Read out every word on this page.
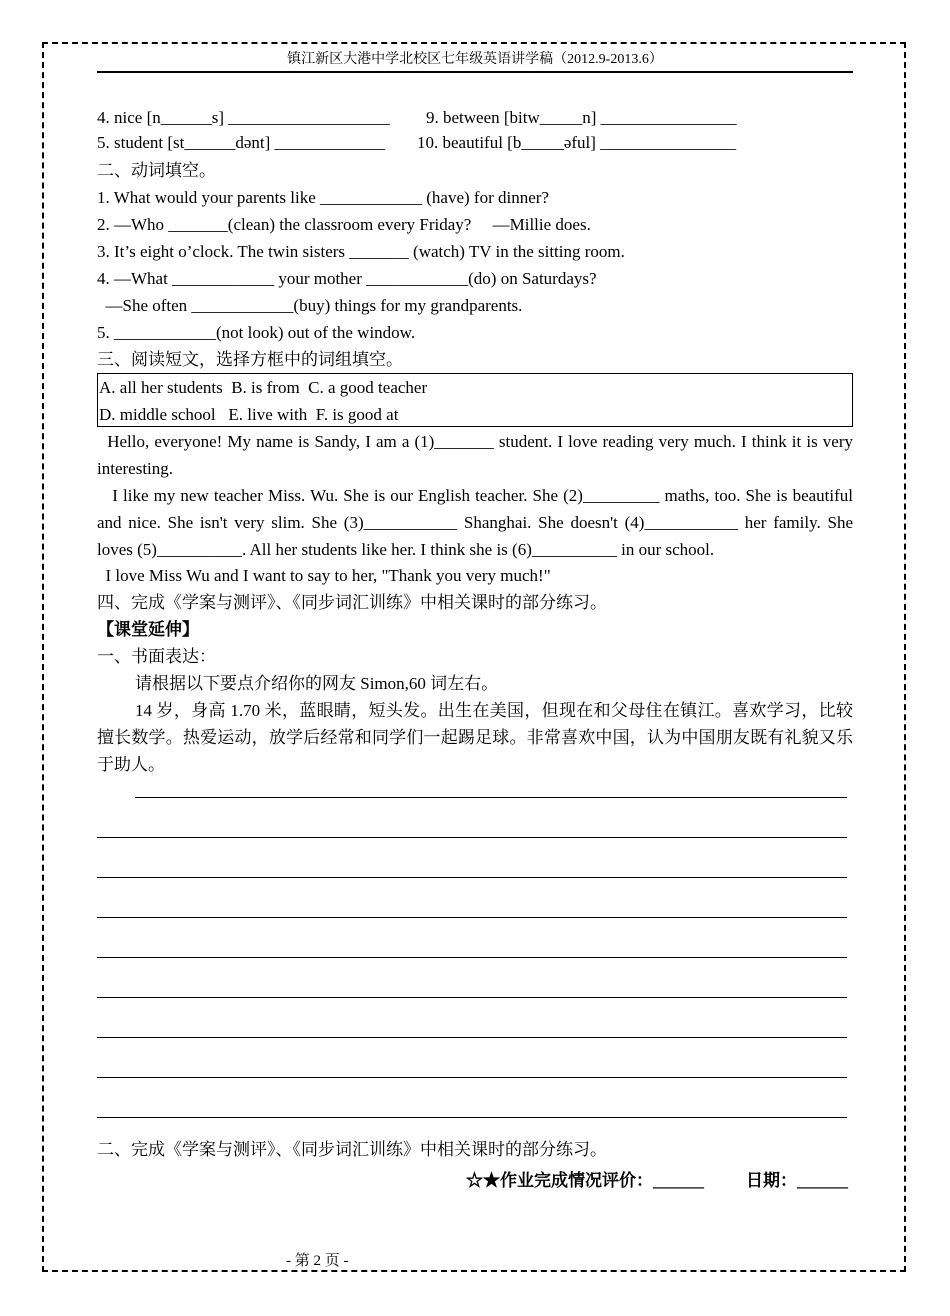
镇江新区大港中学北校区七年级英语讲学稿（2012.9-2013.6）
4. nice [n______s] ___________________ 9. between [bitw_____n] ________________
5. student [st______dənt] _____________ 10. beautiful [b_____əful] ________________
二、动词填空。
1. What would your parents like ____________ (have) for dinner?
2. —Who _______(clean) the classroom every Friday?     —Millie does.
3. It’s eight o’clock. The twin sisters _______ (watch) TV in the sitting room.
4. —What ____________ your mother ____________(do) on Saturdays?
—She often ____________(buy) things for my grandparents.
5. ____________(not look) out of the window.
三、阅读短文，选择方框中的词组填空。
A. all her students  B. is from  C. a good teacher
D. middle school   E. live with  F. is good at
Hello, everyone! My name is Sandy, I am a (1)_______ student. I love reading very much. I think it is very interesting.
I like my new teacher Miss. Wu. She is our English teacher. She (2)_________ maths, too. She is beautiful and nice. She isn't very slim. She (3)___________ Shanghai. She doesn't (4)___________ her family. She loves (5)__________. All her students like her. I think she is (6)__________ in our school.
I love Miss Wu and I want to say to her, "Thank you very much!"
四、完成《学案与测评》、《同步词汇训练》中相关课时的部分练习。
【课堂延伸】
一、书面表达：
请根据以下要点介绍你的网友 Simon,60 词左右。
14 岁，身高 1.70 米，蓝眼睛，短头发。出生在美国，但现在和父母住在镇江。喜欢学习，比较擅长数学。热爱运动，放学后经常和同学们一起踢足球。非常喜欢中国，认为中国朋友既有礼貌又乐于助人。
二、完成《学案与测评》、《同步词汇训练》中相关课时的部分练习。
☆★作业完成情况评价：______ 日期：______
- 第 2 页 -
